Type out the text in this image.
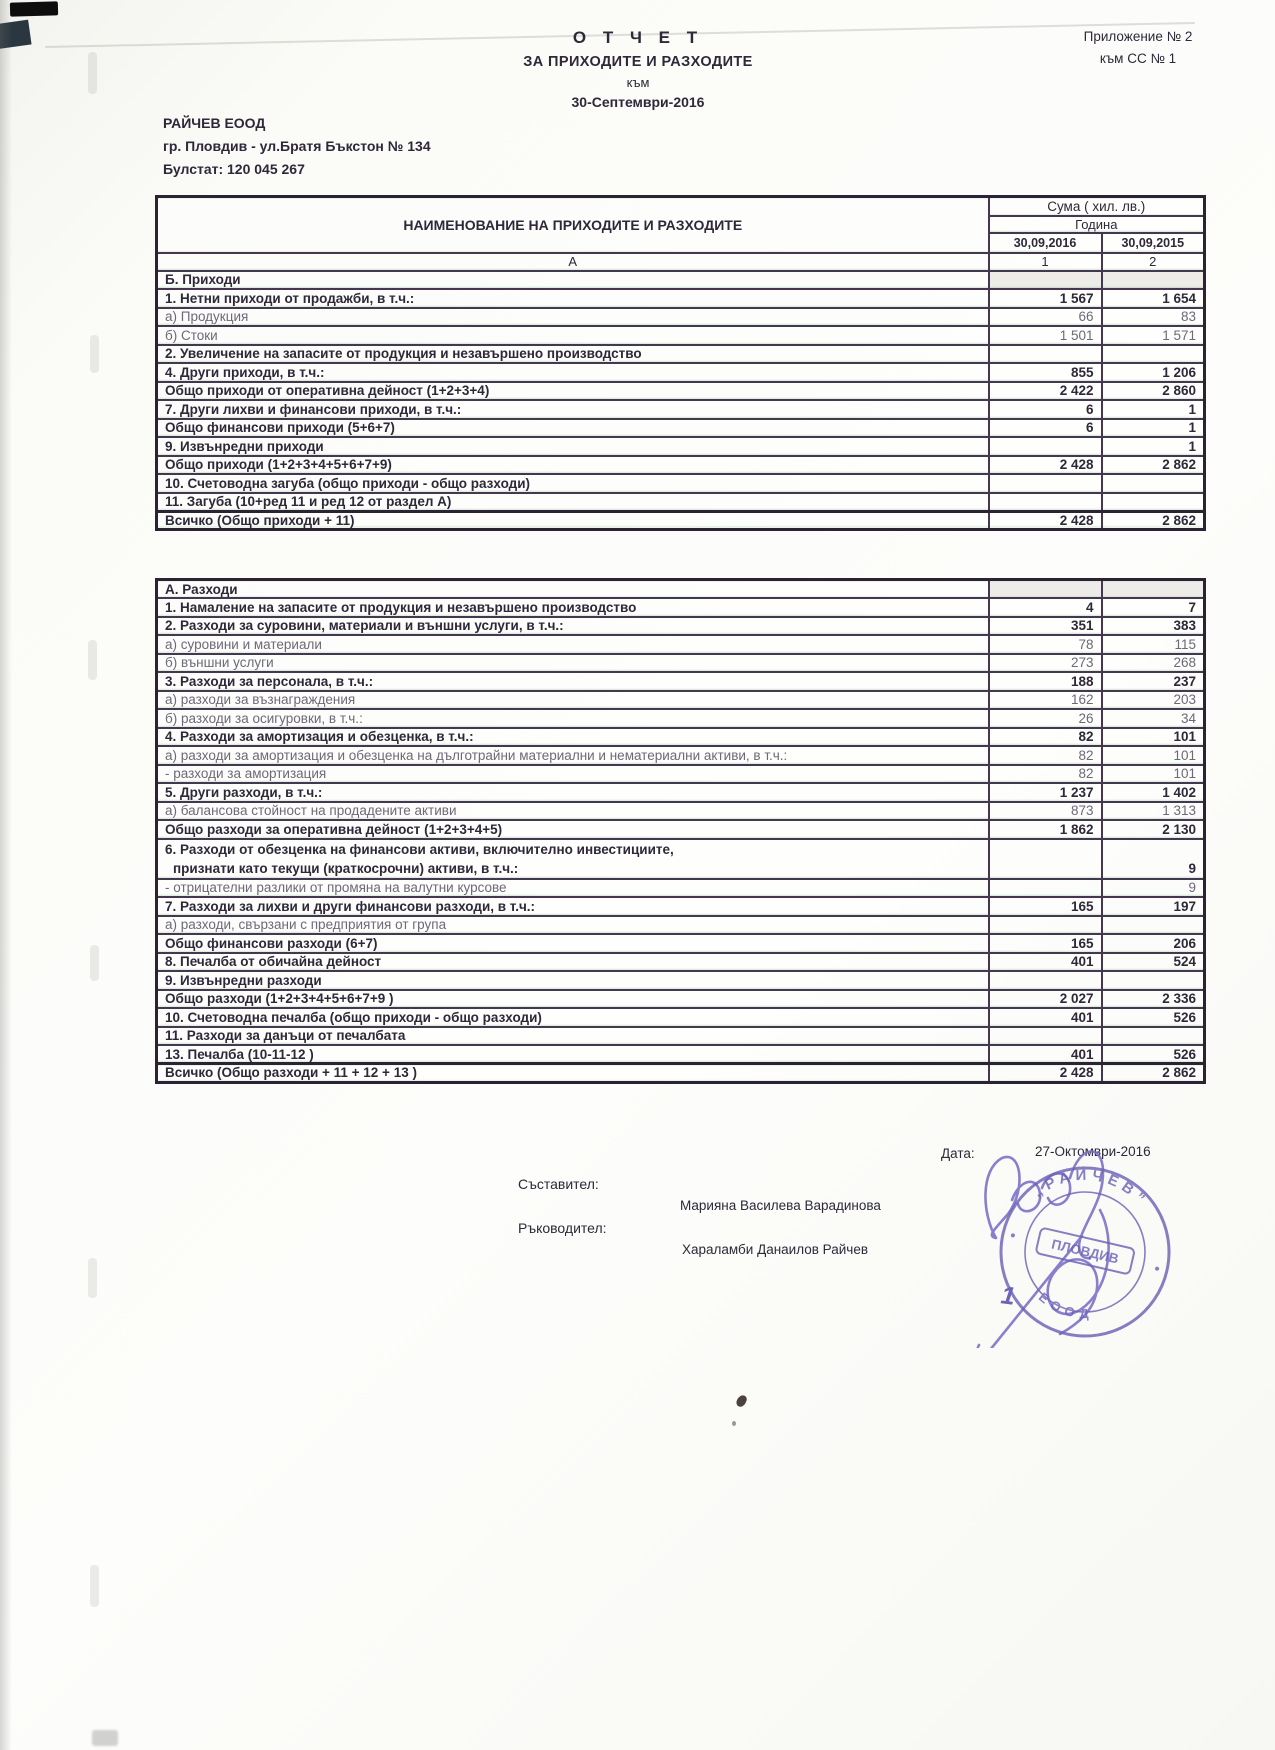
Приложение № 2
към СС № 1
О Т Ч Е Т
ЗА ПРИХОДИТЕ И РАЗХОДИТЕ
към
30-Септември-2016
РАЙЧЕВ ЕООД
гр. Пловдив - ул.Братя Бъкстон № 134
Булстат: 120 045 267
НАИМЕНОВАНИЕ НА ПРИХОДИТЕ И РАЗХОДИТЕ	Сума ( хил. лв.)	
	Година	
	30,09,2016	30,09,2015
А	1	2
Б. Приходи		
1. Нетни приходи от продажби, в т.ч.:	1 567	1 654
а) Продукция	66	83
б) Стоки	1 501	1 571
2. Увеличение на запасите от продукция и незавършено производство		
4. Други приходи, в т.ч.:	855	1 206
Общо приходи от оперативна дейност (1+2+3+4)	2 422	2 860
7. Други лихви и финансови приходи, в т.ч.:	6	1
Общо финансови приходи (5+6+7)	6	1
9. Извънредни приходи		1
Общо приходи (1+2+3+4+5+6+7+9)	2 428	2 862
10. Счетоводна загуба (общо приходи - общо разходи)		
11. Загуба (10+ред 11 и ред 12 от раздел А)		
Всичко (Общо приходи + 11)	2 428	2 862
А. Разходи		
1. Намаление на запасите от продукция и незавършено производство	4	7
2. Разходи за суровини, материали и външни услуги, в т.ч.:	351	383
а) суровини и материали	78	115
б) външни услуги	273	268
3. Разходи за персонала, в т.ч.:	188	237
а) разходи за възнаграждения	162	203
б) разходи за осигуровки, в т.ч.:	26	34
4. Разходи за амортизация и обезценка, в т.ч.:	82	101
а) разходи за амортизация и обезценка на дълготрайни материални и нематериални активи, в т.ч.:	82	101
- разходи за амортизация	82	101
5. Други разходи, в т.ч.:	1 237	1 402
а) балансова стойност на продадените активи	873	1 313
Общо разходи за оперативна дейност (1+2+3+4+5)	1 862	2 130

6. Разходи от обезценка на финансови активи, включително инвестициите,
признати като текущи (краткосрочни) активи, в т.ч.:		9
- отрицателни разлики от промяна на валутни курсове		9
7. Разходи за лихви и други финансови разходи, в т.ч.:	165	197
а) разходи, свързани с предприятия от група		
Общо финансови разходи (6+7)	165	206
8. Печалба от обичайна дейност	401	524
9. Извънредни разходи		
Общо разходи (1+2+3+4+5+6+7+9 )	2 027	2 336
10. Счетоводна печалба (общо приходи - общо разходи)	401	526
11. Разходи за данъци от печалбата		
13. Печалба (10-11-12 )	401	526
Всичко (Общо разходи + 11 + 12 + 13 )	2 428	2 862
Дата:	27-Октомври-2016
Съставител:
Марияна Василева Варадинова
Ръководител:
Хараламби Данаилов Райчев
„РАЙЧЕВ”
ЕООД
ПЛОВДИВ
1
